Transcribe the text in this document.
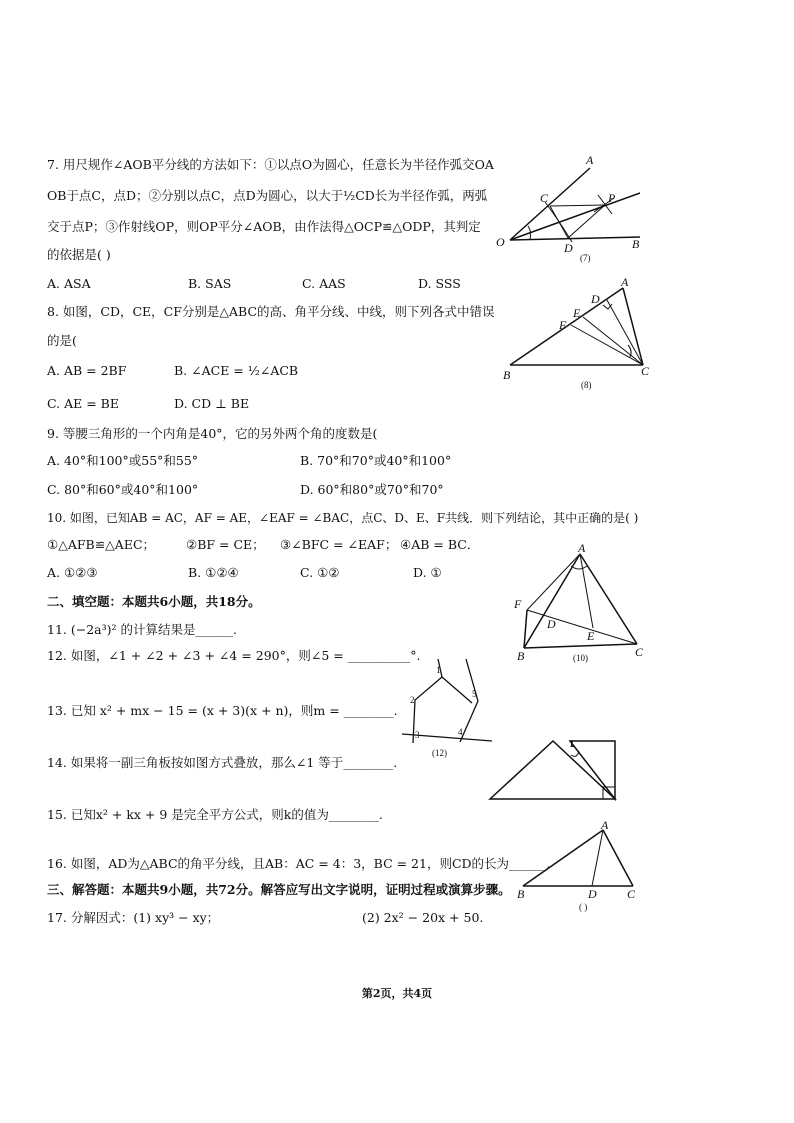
7. 用尺规作∠AOB平分线的方法如下：①以点O为圆心，任意长为半径作弧交OA
OB于点C，点D；②分别以点C，点D为圆心，以大于½CD长为半径作弧，两弧
交于点P；③作射线OP，则OP平分∠AOB，由作法得△OCP≌△ODP，其判定
的依据是( )
A. ASA	B. SAS	C. AAS	D. SSS
A
C	P
O	D	B
(7)
8. 如图，CD，CE，CF分别是△ABC的高、角平分线、中线，则下列各式中错误
的是(
A. AB = 2BF	B. ∠ACE = ½∠ACB
C. AE = BE	D. CD ⊥ BE
A
D
E
F
B	C
(8)
9. 等腰三角形的一个内角是40°，它的另外两个角的度数是(
A. 40°和100°或55°和55°	B. 70°和70°或40°和100°
C. 80°和60°或40°和100°	D. 60°和80°或70°和70°
10. 如图，已知AB = AC，AF = AE，∠EAF = ∠BAC，点C、D、E、F共线．则下列结论，其中正确的是( )
①△AFB≌△AEC； ②BF = CE； ③∠BFC = ∠EAF； ④AB = BC．
A. ①②③	B. ①②④	C. ①②	D. ①
A
F
D
E
B	C
(10)
二、填空题：本题共6小题，共18分。
11. (−2a³)² 的计算结果是______.
12. 如图，∠1 + ∠2 + ∠3 + ∠4 = 290°，则∠5 = __________°.
1
2
3	4
5
(12)
13. 已知 x² + mx − 15 = (x + 3)(x + n)，则m = ________.
14. 如果将一副三角板按如图方式叠放，那么∠1 等于________.
1
15. 已知x² + kx + 9 是完全平方公式，则k的值为________.
16. 如图，AD为△ABC的角平分线，且AB：AC = 4：3，BC = 21，则CD的长为______.
A
B	D	C
( )
三、解答题：本题共9小题，共72分。解答应写出文字说明，证明过程或演算步骤。
17. 分解因式：(1) xy³ − xy；	(2) 2x² − 20x + 50.
第2页，共4页
